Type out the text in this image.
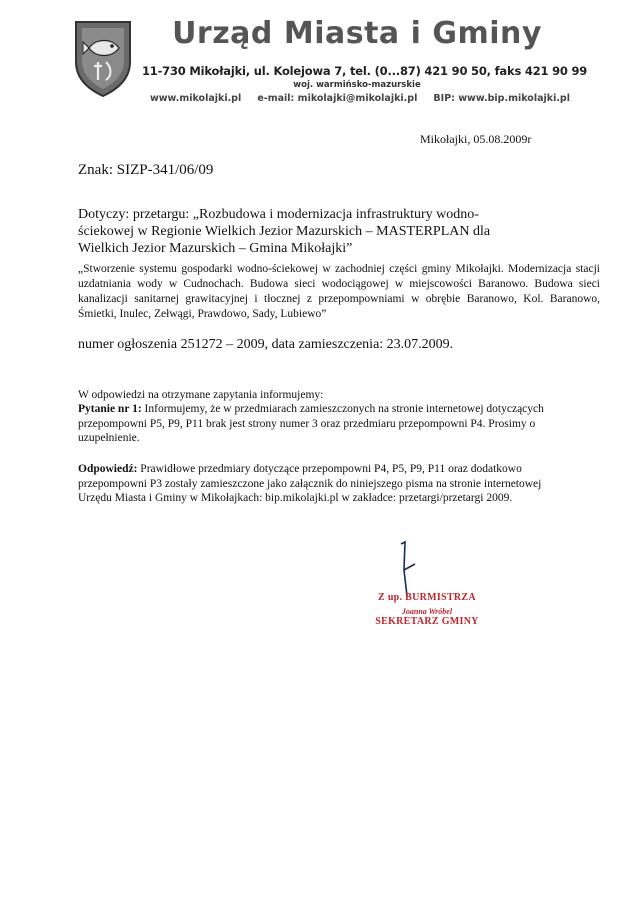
Urząd Miasta i Gminy
11-730 Mikołajki, ul. Kolejowa 7, tel. (0...87) 421 90 50, faks 421 90 99
woj. warmińsko-mazurskie
www.mikolajki.pl e-mail: mikolajki@mikolajki.pl BIP: www.bip.mikolajki.pl
Mikołajki, 05.08.2009r
Znak: SIZP-341/06/09
Dotyczy: przetargu: „Rozbudowa i modernizacja infrastruktury wodno-
ściekowej w Regionie Wielkich Jezior Mazurskich – MASTERPLAN dla
Wielkich Jezior Mazurskich – Gmina Mikołajki”
„Stworzenie systemu gospodarki wodno-ściekowej w zachodniej części gminy Mikołajki. Modernizacja stacji uzdatniania wody w Cudnochach. Budowa sieci wodociągowej w miejscowości Baranowo. Budowa sieci kanalizacji sanitarnej grawitacyjnej i tłocznej z przepompowniami w obrębie Baranowo, Kol. Baranowo, Śmietki, Inulec, Zełwągi, Prawdowo, Sady, Lubiewo”
numer ogłoszenia 251272 – 2009, data zamieszczenia: 23.07.2009.
W odpowiedzi na otrzymane zapytania informujemy:
Pytanie nr 1: Informujemy, że w przedmiarach zamieszczonych na stronie internetowej dotyczących przepompowni P5, P9, P11 brak jest strony numer 3 oraz przedmiaru przepompowni P4. Prosimy o uzupełnienie.
Odpowiedź: Prawidłowe przedmiary dotyczące przepompowni P4, P5, P9, P11 oraz dodatkowo przepompowni P3 zostały zamieszczone jako załącznik do niniejszego pisma na stronie internetowej Urzędu Miasta i Gminy w Mikołajkach: bip.mikolajki.pl w zakładce: przetargi/przetargi 2009.
Z up. BURMISTRZA
Joanna Wróbel
SEKRETARZ GMINY
